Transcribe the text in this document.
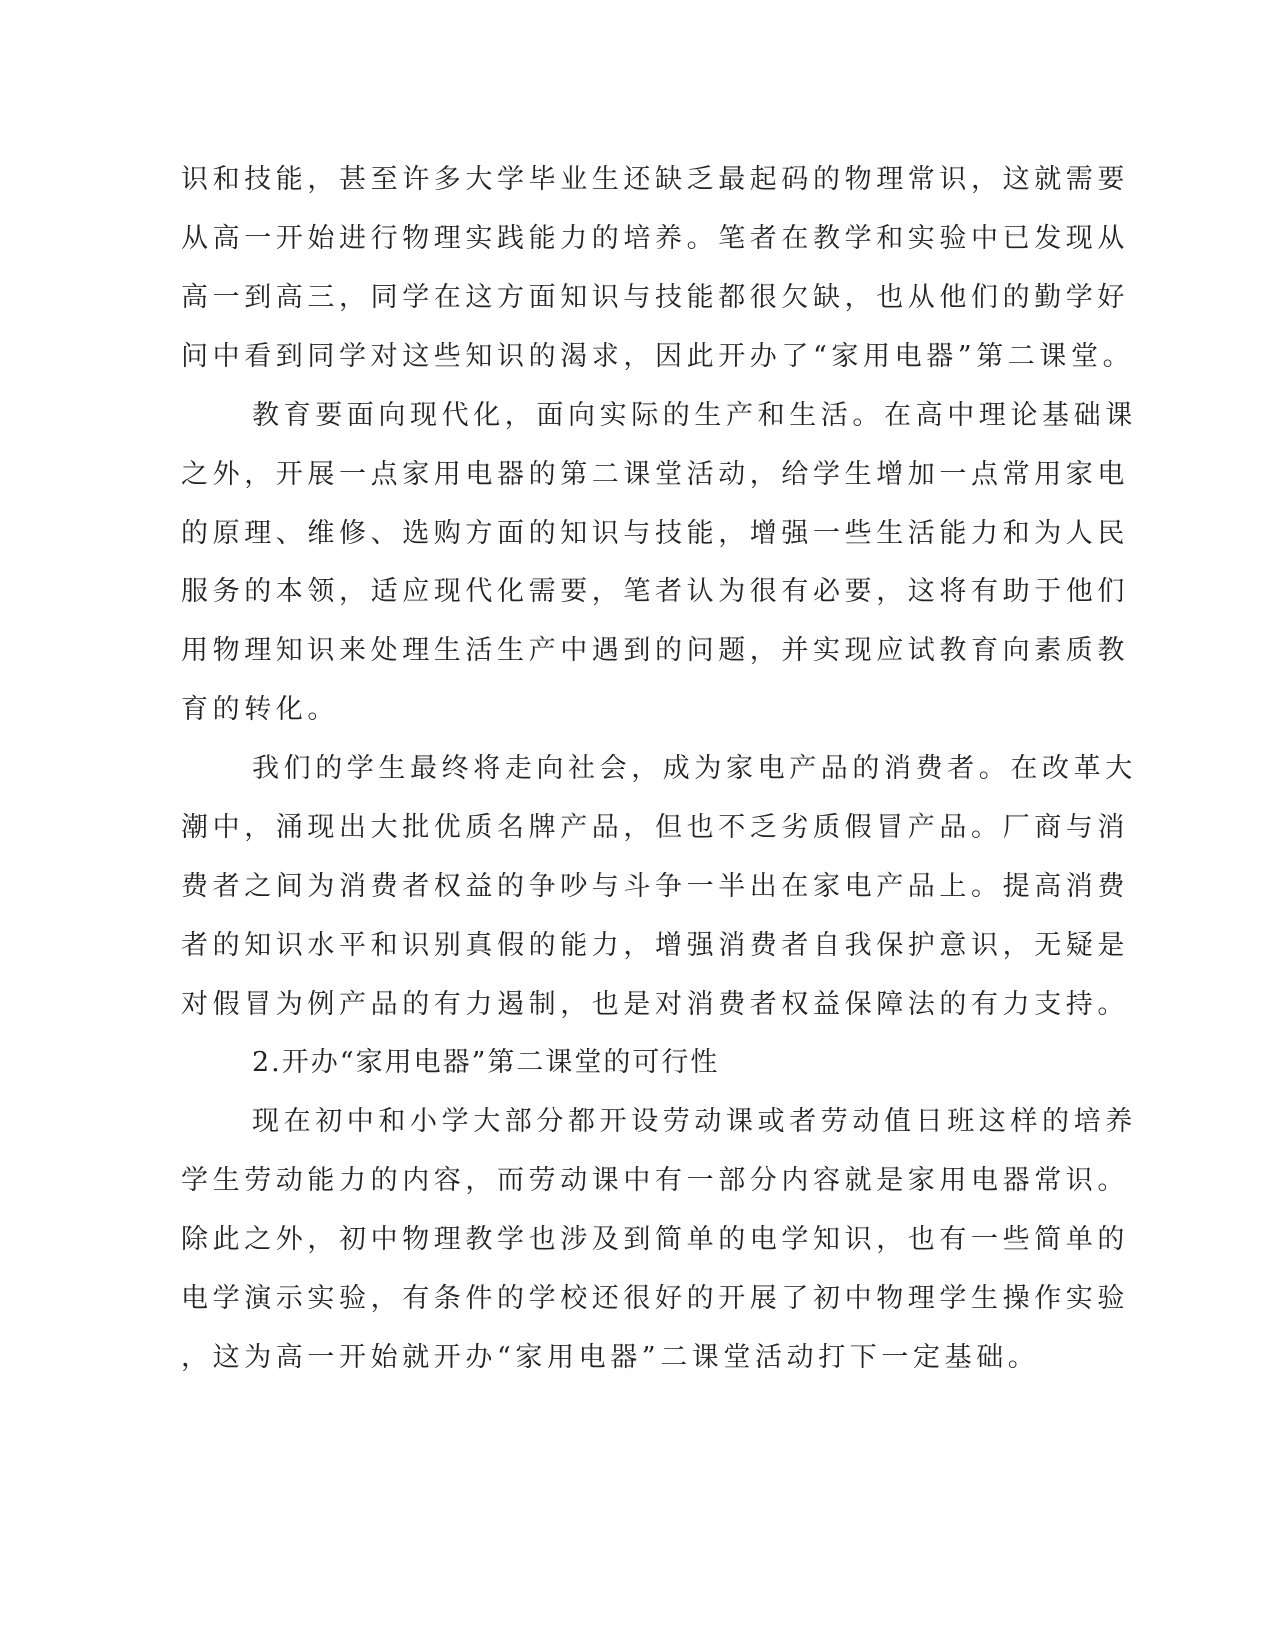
识和技能，甚至许多大学毕业生还缺乏最起码的物理常识，这就需要
从高一开始进行物理实践能力的培养。笔者在教学和实验中已发现从
高一到高三，同学在这方面知识与技能都很欠缺，也从他们的勤学好
问中看到同学对这些知识的渴求，因此开办了“家用电器”第二课堂。
教育要面向现代化，面向实际的生产和生活。在高中理论基础课
之外，开展一点家用电器的第二课堂活动，给学生增加一点常用家电
的原理、维修、选购方面的知识与技能，增强一些生活能力和为人民
服务的本领，适应现代化需要，笔者认为很有必要，这将有助于他们
用物理知识来处理生活生产中遇到的问题，并实现应试教育向素质教
育的转化。
我们的学生最终将走向社会，成为家电产品的消费者。在改革大
潮中，涌现出大批优质名牌产品，但也不乏劣质假冒产品。厂商与消
费者之间为消费者权益的争吵与斗争一半出在家电产品上。提高消费
者的知识水平和识别真假的能力，增强消费者自我保护意识，无疑是
对假冒为例产品的有力遏制，也是对消费者权益保障法的有力支持。
2.开办“家用电器”第二课堂的可行性
现在初中和小学大部分都开设劳动课或者劳动值日班这样的培养
学生劳动能力的内容，而劳动课中有一部分内容就是家用电器常识。
除此之外，初中物理教学也涉及到简单的电学知识，也有一些简单的
电学演示实验，有条件的学校还很好的开展了初中物理学生操作实验
，这为高一开始就开办“家用电器”二课堂活动打下一定基础。
